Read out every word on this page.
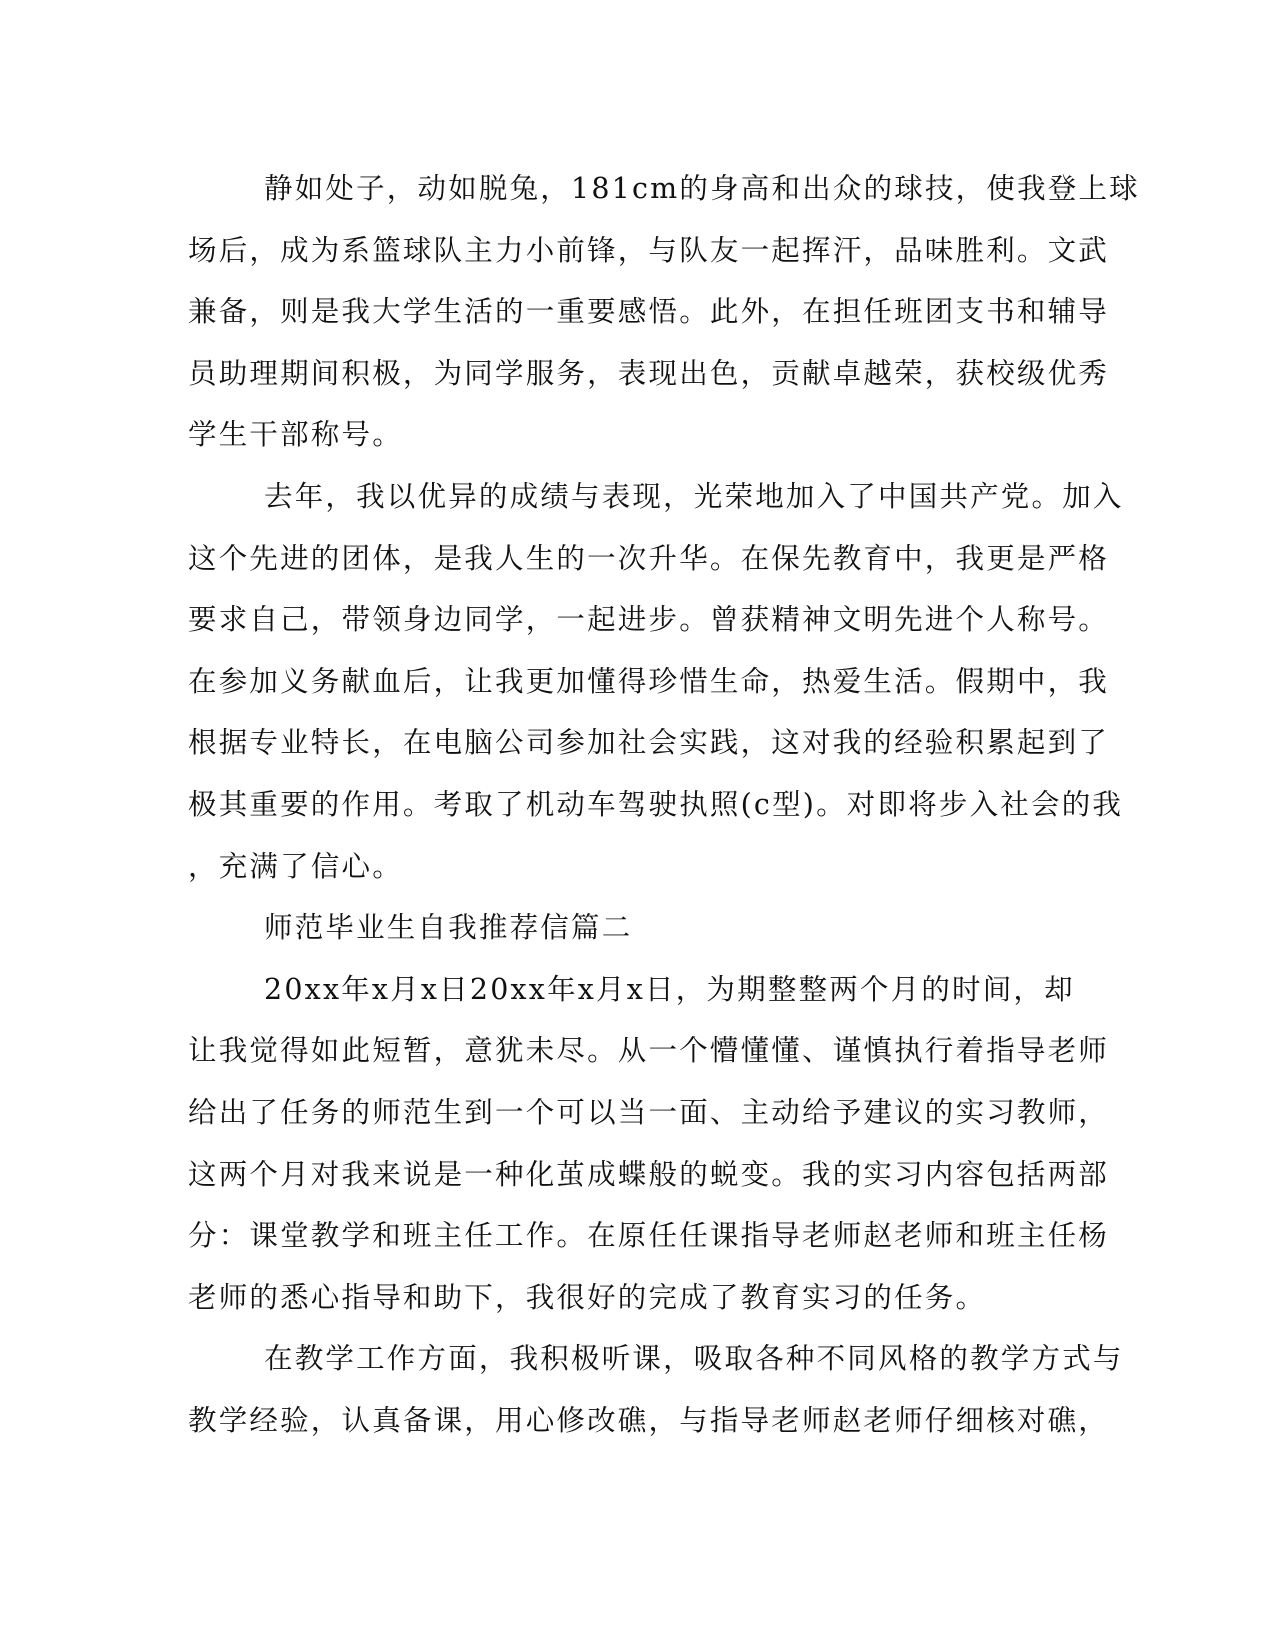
静如处子，动如脱兔，181cm的身高和出众的球技，使我登上球
场后，成为系篮球队主力小前锋，与队友一起挥汗，品味胜利。文武
兼备，则是我大学生活的一重要感悟。此外，在担任班团支书和辅导
员助理期间积极，为同学服务，表现出色，贡献卓越荣，获校级优秀
学生干部称号。
去年，我以优异的成绩与表现，光荣地加入了中国共产党。加入
这个先进的团体，是我人生的一次升华。在保先教育中，我更是严格
要求自己，带领身边同学，一起进步。曾获精神文明先进个人称号。
在参加义务献血后，让我更加懂得珍惜生命，热爱生活。假期中，我
根据专业特长，在电脑公司参加社会实践，这对我的经验积累起到了
极其重要的作用。考取了机动车驾驶执照(c型)。对即将步入社会的我
，充满了信心。
师范毕业生自我推荐信篇二
20xx年x月x日20xx年x月x日，为期整整两个月的时间，却
让我觉得如此短暂，意犹未尽。从一个懵懂懂、谨慎执行着指导老师
给出了任务的师范生到一个可以当一面、主动给予建议的实习教师，
这两个月对我来说是一种化茧成蝶般的蜕变。我的实习内容包括两部
分：课堂教学和班主任工作。在原任任课指导老师赵老师和班主任杨
老师的悉心指导和助下，我很好的完成了教育实习的任务。
在教学工作方面，我积极听课，吸取各种不同风格的教学方式与
教学经验，认真备课，用心修改礁，与指导老师赵老师仔细核对礁，
